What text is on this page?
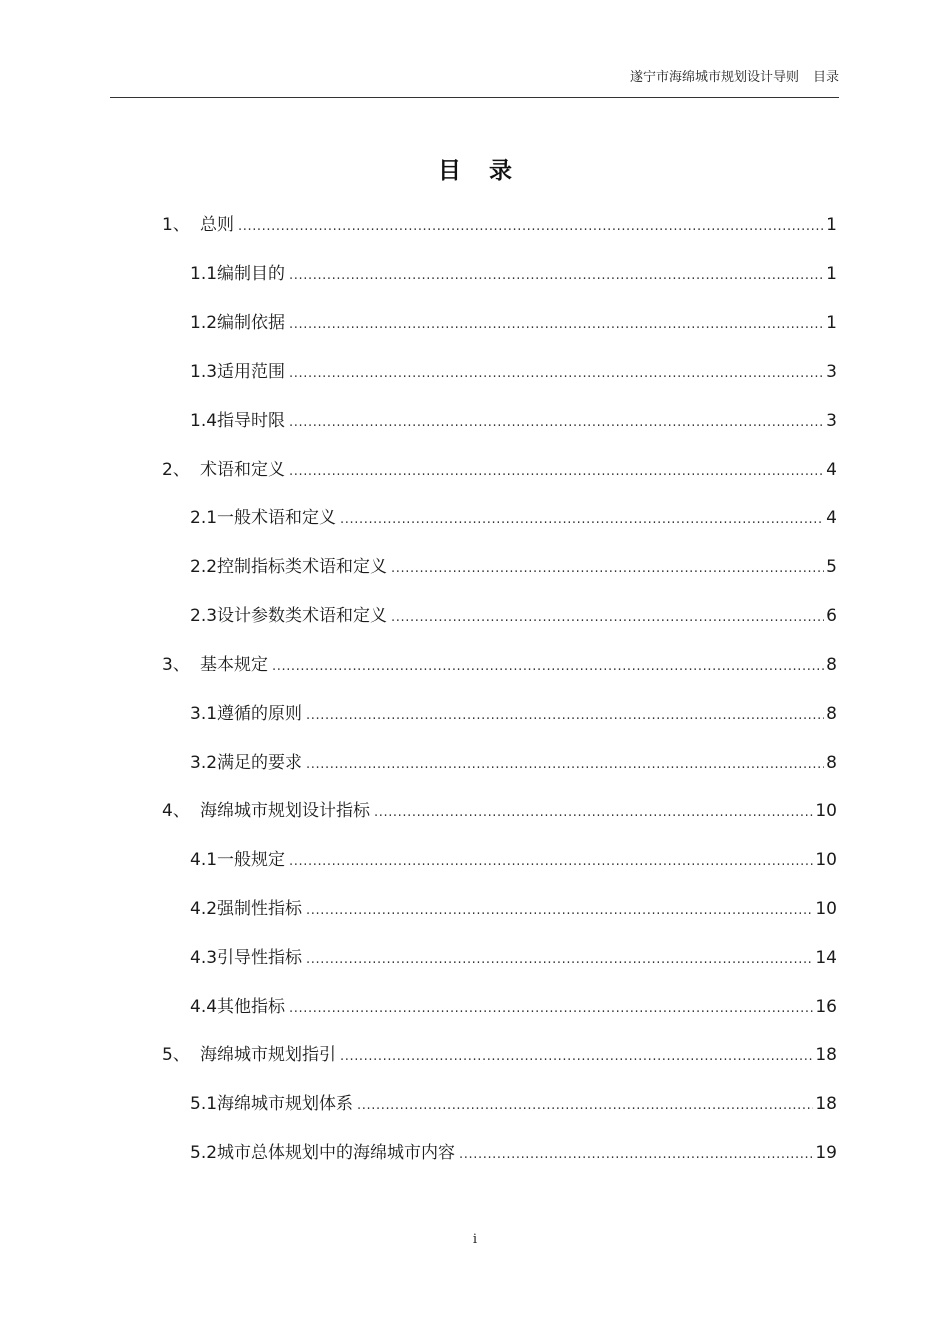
遂宁市海绵城市规划设计导则 目录
目 录
1、 总则 .....	1
1.1编制目的 .....	1
1.2编制依据 .....	1
1.3适用范围 .....	3
1.4指导时限 .....	3
2、 术语和定义 .....	4
2.1一般术语和定义 .....	4
2.2控制指标类术语和定义 .....	5
2.3设计参数类术语和定义 .....	6
3、 基本规定 .....	8
3.1遵循的原则 .....	8
3.2满足的要求 .....	8
4、 海绵城市规划设计指标 .....	10
4.1一般规定 .....	10
4.2强制性指标 .....	10
4.3引导性指标 .....	14
4.4其他指标 .....	16
5、 海绵城市规划指引 .....	18
5.1海绵城市规划体系 .....	18
5.2城市总体规划中的海绵城市内容 .....	19
i
